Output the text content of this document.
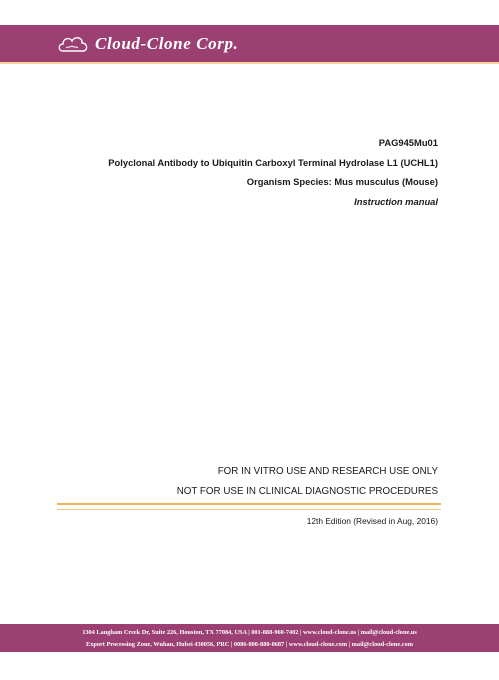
Cloud-Clone Corp.
PAG945Mu01
Polyclonal Antibody to Ubiquitin Carboxyl Terminal Hydrolase L1 (UCHL1)
Organism Species: Mus musculus (Mouse)
Instruction manual
FOR IN VITRO USE AND RESEARCH USE ONLY
NOT FOR USE IN CLINICAL DIAGNOSTIC PROCEDURES
12th Edition (Revised in Aug, 2016)
1304 Langham Creek Dr, Suite 226, Houston, TX 77084, USA | 001-888-960-7402 | www.cloud-clone.us | mail@cloud-clone.us
Export Processing Zone, Wuhan, Hubei 430056, PRC | 0086-800-880-0687 | www.cloud-clone.com | mail@cloud-clone.com
